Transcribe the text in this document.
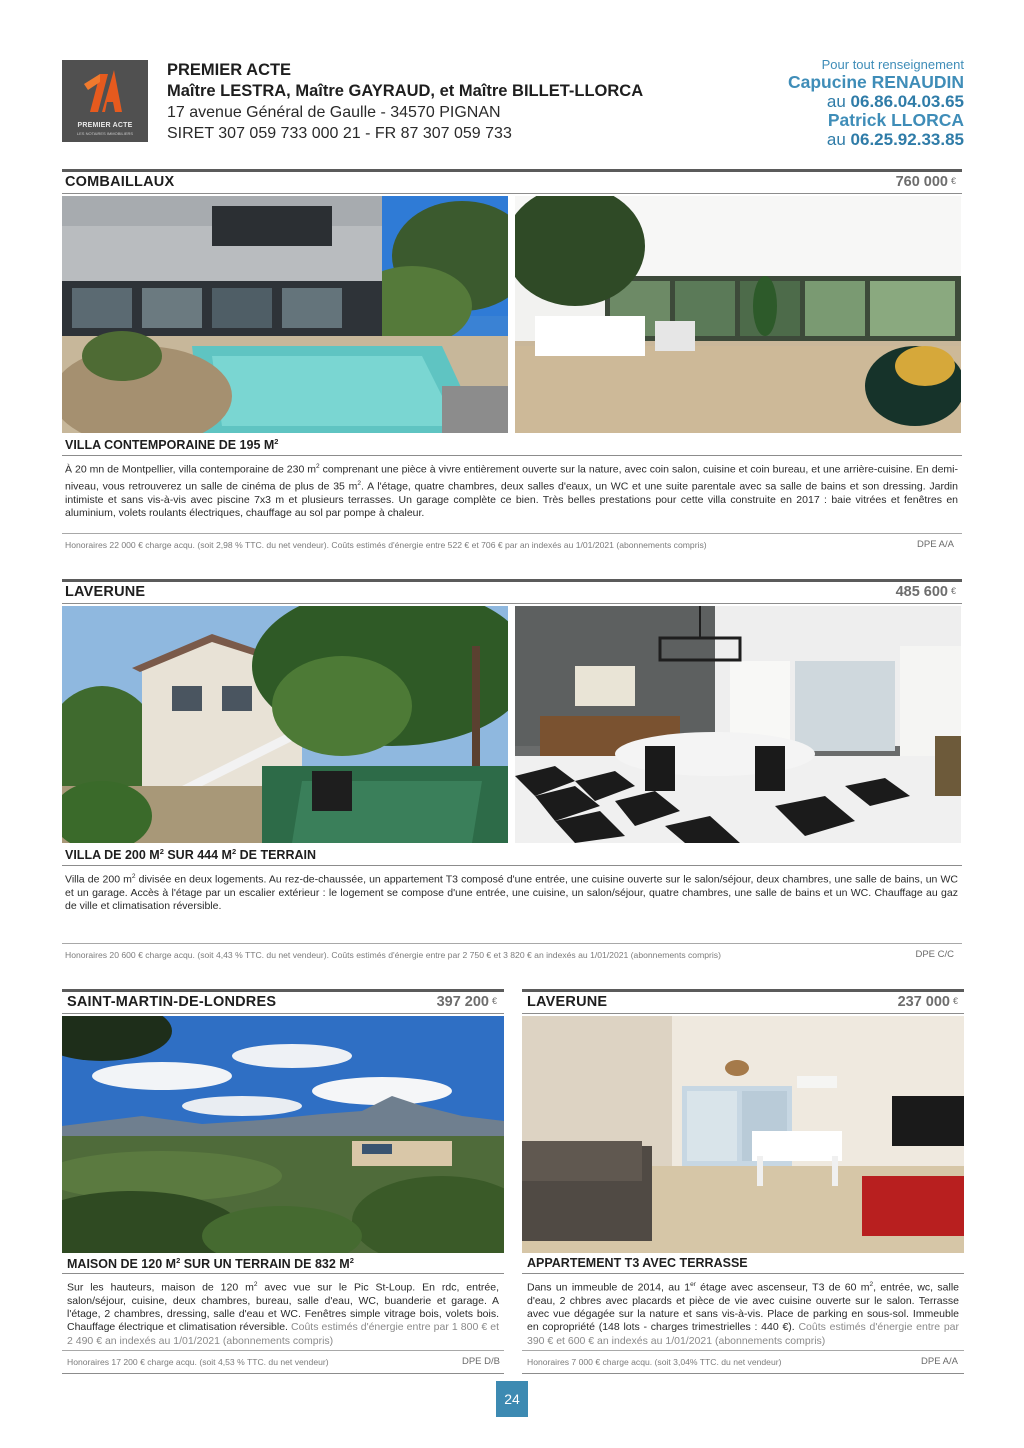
PREMIER ACTE
LES NOTAIRES IMMOBILIERS
PREMIER ACTE
Maître LESTRA, Maître GAYRAUD, et Maître BILLET-LLORCA
17 avenue Général de Gaulle - 34570 PIGNAN
SIRET 307 059 733 000 21 - FR 87 307 059 733
Pour tout renseignement
Capucine RENAUDIN
au 06.86.04.03.65
Patrick LLORCA
au 06.25.92.33.85
COMBAILLAUX	760 000 €
VILLA CONTEMPORAINE DE 195 $M^2$
À 20 mn de Montpellier, villa contemporaine de 230 $m^2$ comprenant une pièce à vivre entièrement ouverte sur la nature, avec coin salon, cuisine et coin bureau, et une arrière-cuisine. En demi-niveau, vous retrouverez un salle de cinéma de plus de 35 $m^2$. A l'étage, quatre chambres, deux salles d'eaux, un WC et une suite parentale avec sa salle de bains et son dressing. Jardin intimiste et sans vis-à-vis avec piscine 7x3 m et plusieurs terrasses. Un garage complète ce bien. Très belles prestations pour cette villa construite en 2017 : baie vitrées et fenêtres en aluminium, volets roulants électriques, chauffage au sol par pompe à chaleur.
Honoraires 22 000 € charge acqu. (soit 2,98 % TTC. du net vendeur). Coûts estimés d'énergie entre 522 € et 706 € par an indexés au 1/01/2021 (abonnements compris)	DPE A/A
LAVERUNE	485 600 €
VILLA DE 200 $M^2$ SUR 444 $M^2$ DE TERRAIN
Villa de 200 $m^2$ divisée en deux logements. Au rez-de-chaussée, un appartement T3 composé d'une entrée, une cuisine ouverte sur le salon/séjour, deux chambres, une salle de bains, un WC et un garage. Accès à l'étage par un escalier extérieur : le logement se compose d'une entrée, une cuisine, un salon/séjour, quatre chambres, une salle de bains et un WC. Chauffage au gaz de ville et climatisation réversible.
Honoraires 20 600 € charge acqu. (soit 4,43 % TTC. du net vendeur). Coûts estimés d'énergie entre par 2 750 € et 3 820 € an indexés au 1/01/2021 (abonnements compris)	DPE C/C
SAINT-MARTIN-DE-LONDRES	397 200 €
MAISON DE 120 $M^2$ SUR UN TERRAIN DE 832 $M^2$
Sur les hauteurs, maison de 120 $m^2$ avec vue sur le Pic St-Loup. En rdc, entrée, salon/séjour, cuisine, deux chambres, bureau, salle d'eau, WC, buanderie et garage. A l'étage, 2 chambres, dressing, salle d'eau et WC. Fenêtres simple vitrage bois, volets bois. Chauffage électrique et climatisation réversible. Coûts estimés d'énergie entre par 1 800 € et 2 490 € an indexés au 1/01/2021 (abonnements compris)
Honoraires 17 200 € charge acqu. (soit 4,53 % TTC. du net vendeur)	DPE D/B
LAVERUNE	237 000 €
APPARTEMENT T3 AVEC TERRASSE
Dans un immeuble de 2014, au 1er étage avec ascenseur, T3 de 60 $m^2$, entrée, wc, salle d'eau, 2 chbres avec placards et pièce de vie avec cuisine ouverte sur le salon. Terrasse avec vue dégagée sur la nature et sans vis-à-vis. Place de parking en sous-sol. Immeuble en copropriété (148 lots - charges trimestrielles : 440 €). Coûts estimés d'énergie entre par 390 € et 600 € an indexés au 1/01/2021 (abonnements compris)
Honoraires 7 000 € charge acqu. (soit 3,04% TTC. du net vendeur)	DPE A/A
24
